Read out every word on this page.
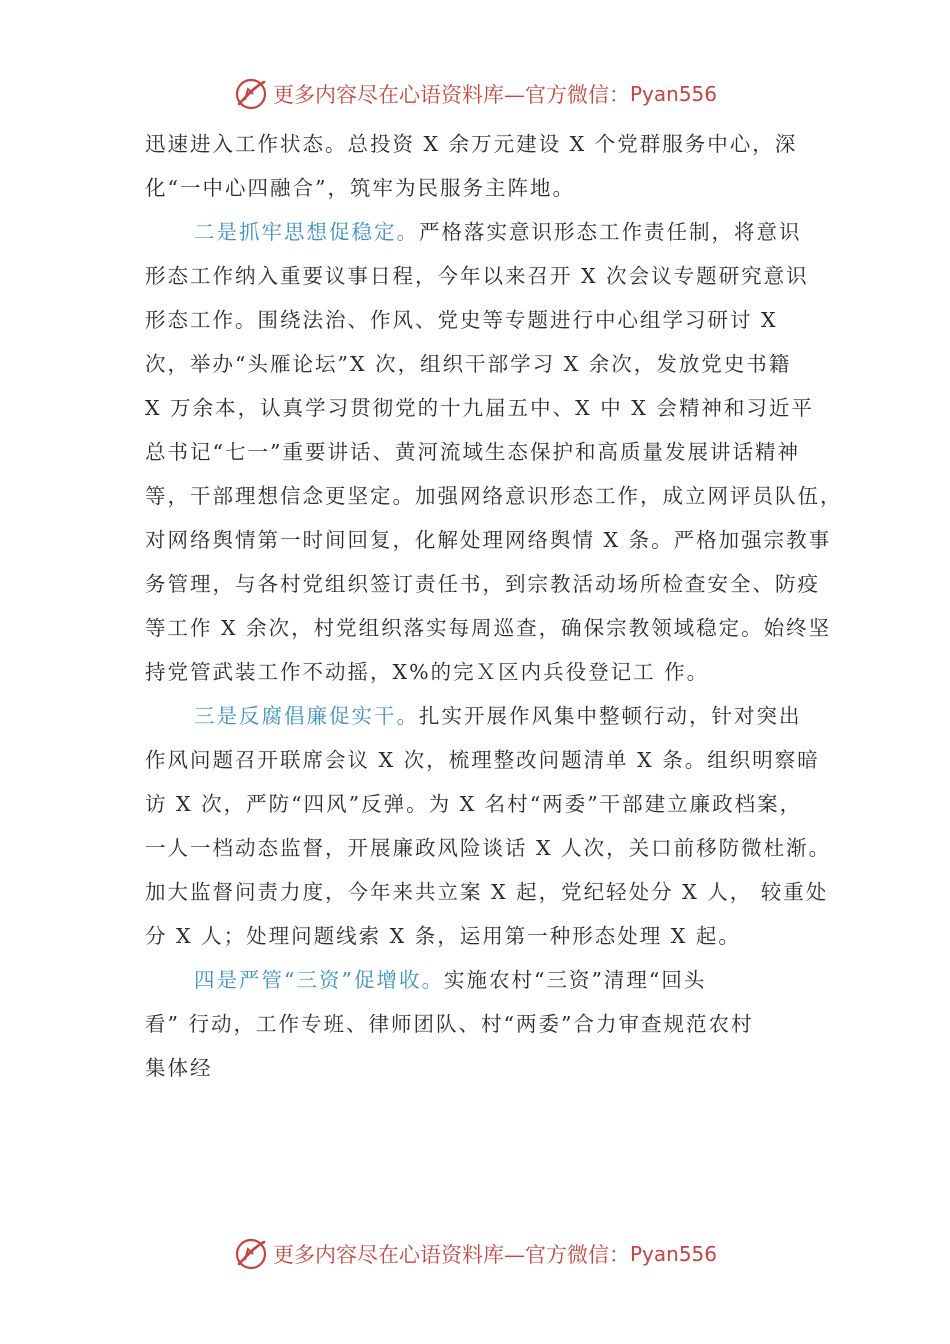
更多内容尽在心语资料库—官方微信： Pyan556
迅速进入工作状态。总投资 X 余万元建设 X 个党群服务中心，深
化“一中心四融合”，筑牢为民服务主阵地。
二是抓牢思想促稳定。严格落实意识形态工作责任制，将意识
形态工作纳入重要议事日程，今年以来召开 X 次会议专题研究意识
形态工作。围绕法治、作风、党史等专题进行中心组学习研讨 X
次，举办“头雁论坛”X 次，组织干部学习 X 余次，发放党史书籍
X 万余本，认真学习贯彻党的十九届五中、X 中 X 会精神和习近平
总书记“七一”重要讲话、黄河流域生态保护和高质量发展讲话精神
等，干部理想信念更坚定。加强网络意识形态工作，成立网评员队伍，
对网络舆情第一时间回复，化解处理网络舆情 X 条。严格加强宗教事
务管理，与各村党组织签订责任书，到宗教活动场所检查安全、防疫
等工作 X 余次，村党组织落实每周巡查，确保宗教领域稳定。始终坚
持党管武装工作不动摇，X%的完Ｘ区内兵役登记工 作。
三是反腐倡廉促实干。扎实开展作风集中整顿行动，针对突出
作风问题召开联席会议 X 次，梳理整改问题清单 X 条。组织明察暗
访 X 次，严防“四风”反弹。为 X 名村“两委”干部建立廉政档案，
一人一档动态监督，开展廉政风险谈话 X 人次，关口前移防微杜渐。
加大监督问责力度，今年来共立案 X 起，党纪轻处分 X 人， 较重处
分 X 人；处理问题线索 X 条，运用第一种形态处理 X 起。
四是严管“三资”促增收。实施农村“三资”清理“回头
看” 行动，工作专班、律师团队、村“两委”合力审查规范农村
集体经
更多内容尽在心语资料库—官方微信： Pyan556
